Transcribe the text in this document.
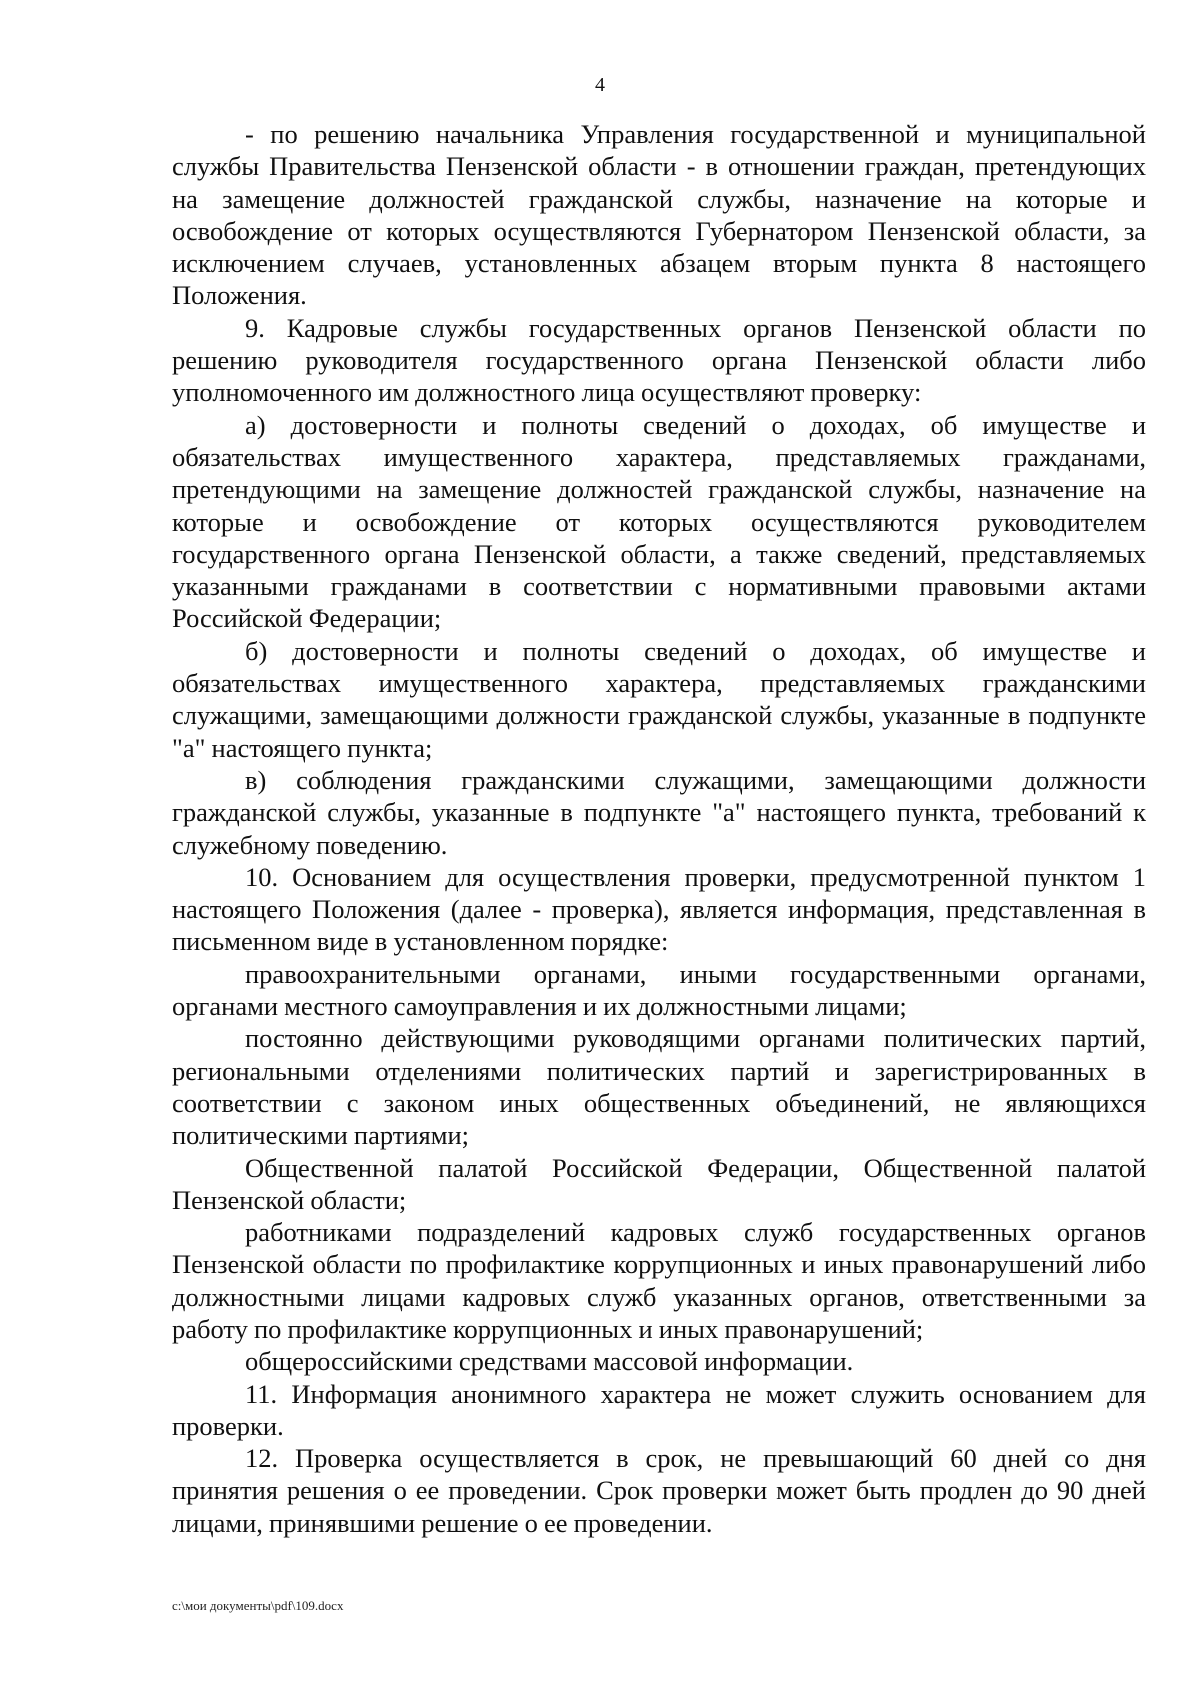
4

- по решению начальника Управления государственной и муниципальной службы Правительства Пензенской области - в отношении граждан, претендующих на замещение должностей гражданской службы, назначение на которые и освобождение от которых осуществляются Губернатором Пензенской области, за исключением случаев, установленных абзацем вторым пункта 8 настоящего Положения.

9. Кадровые службы государственных органов Пензенской области по решению руководителя государственного органа Пензенской области либо уполномоченного им должностного лица осуществляют проверку:

а) достоверности и полноты сведений о доходах, об имуществе и обязательствах имущественного характера, представляемых гражданами, претендующими на замещение должностей гражданской службы, назначение на которые и освобождение от которых осуществляются руководителем государственного органа Пензенской области, а также сведений, представляемых указанными гражданами в соответствии с нормативными правовыми актами Российской Федерации;

б) достоверности и полноты сведений о доходах, об имуществе и обязательствах имущественного характера, представляемых гражданскими служащими, замещающими должности гражданской службы, указанные в подпункте "а" настоящего пункта;

в) соблюдения гражданскими служащими, замещающими должности гражданской службы, указанные в подпункте "а" настоящего пункта, требований к служебному поведению.

10. Основанием для осуществления проверки, предусмотренной пунктом 1 настоящего Положения (далее - проверка), является информация, представленная в письменном виде в установленном порядке:

правоохранительными органами, иными государственными органами, органами местного самоуправления и их должностными лицами;

постоянно действующими руководящими органами политических партий, региональными отделениями политических партий и зарегистрированных в соответствии с законом иных общественных объединений, не являющихся политическими партиями;

Общественной палатой Российской Федерации, Общественной палатой Пензенской области;

работниками подразделений кадровых служб государственных органов Пензенской области по профилактике коррупционных и иных правонарушений либо должностными лицами кадровых служб указанных органов, ответственными за работу по профилактике коррупционных и иных правонарушений;

общероссийскими средствами массовой информации.

11. Информация анонимного характера не может служить основанием для проверки.

12. Проверка осуществляется в срок, не превышающий 60 дней со дня принятия решения о ее проведении. Срок проверки может быть продлен до 90 дней лицами, принявшими решение о ее проведении.

c:\мои документы\pdf\109.docx
